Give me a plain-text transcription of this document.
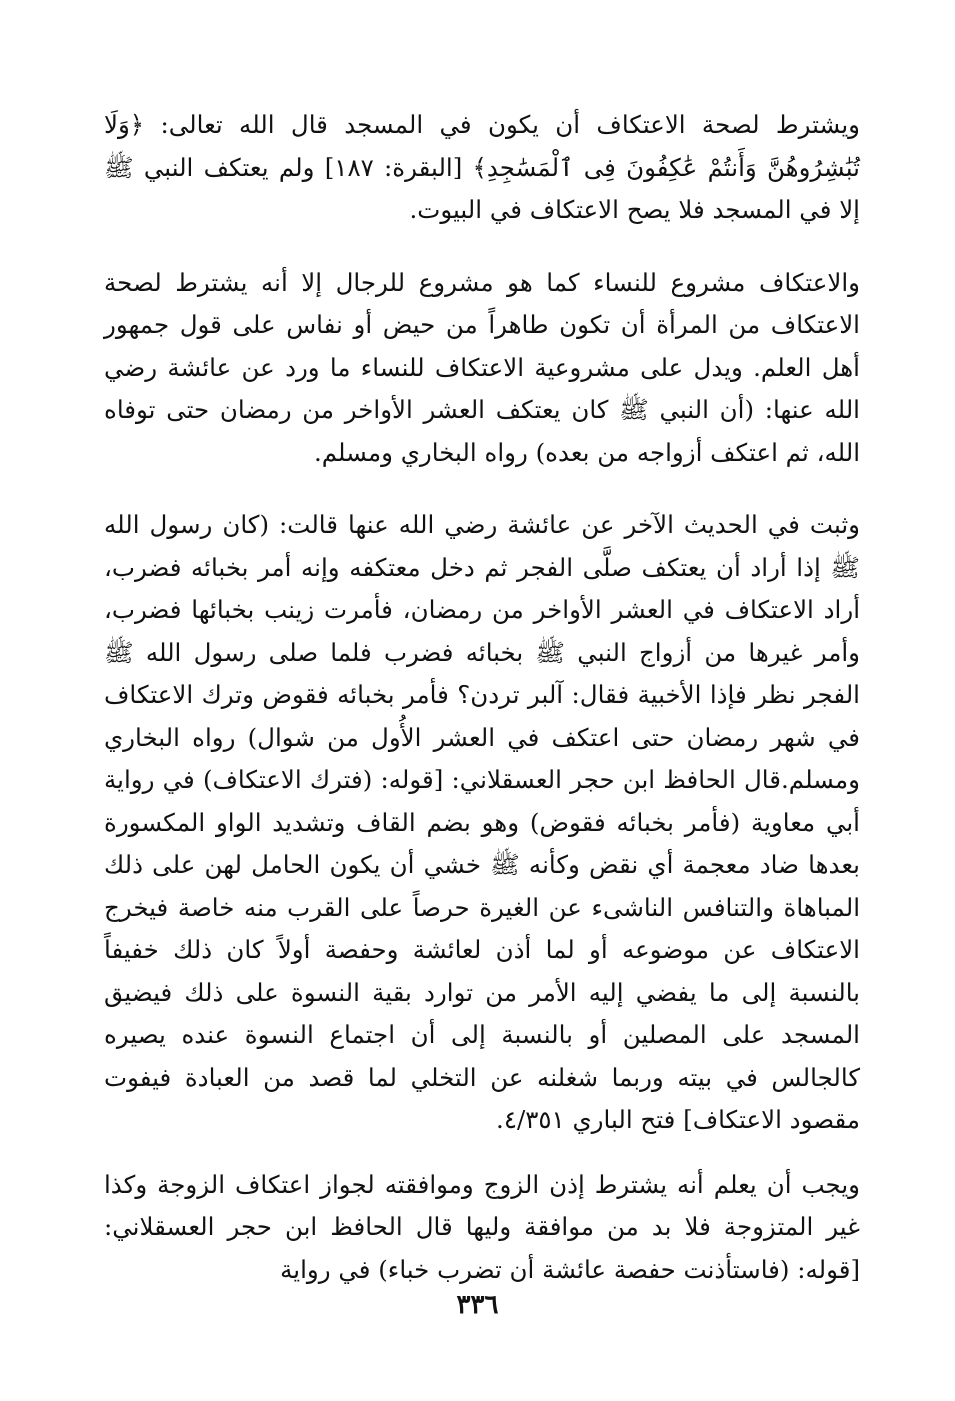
ويشترط لصحة الاعتكاف أن يكون في المسجد قال الله تعالى: ﴿وَلَا تُبَٰشِرُوهُنَّ وَأَنتُمْ عَٰكِفُونَ فِى ٱلْمَسَٰجِدِ﴾ [البقرة: ١٨٧] ولم يعتكف النبي ﷺ إلا في المسجد فلا يصح الاعتكاف في البيوت.

والاعتكاف مشروع للنساء كما هو مشروع للرجال إلا أنه يشترط لصحة الاعتكاف من المرأة أن تكون طاهراً من حيض أو نفاس على قول جمهور أهل العلم. ويدل على مشروعية الاعتكاف للنساء ما ورد عن عائشة رضي الله عنها: (أن النبي ﷺ كان يعتكف العشر الأواخر من رمضان حتى توفاه الله، ثم اعتكف أزواجه من بعده) رواه البخاري ومسلم.

وثبت في الحديث الآخر عن عائشة رضي الله عنها قالت: (كان رسول الله ﷺ إذا أراد أن يعتكف صلَّى الفجر ثم دخل معتكفه وإنه أمر بخبائه فضرب، أراد الاعتكاف في العشر الأواخر من رمضان، فأمرت زينب بخبائها فضرب، وأمر غيرها من أزواج النبي ﷺ بخبائه فضرب فلما صلى رسول الله ﷺ الفجر نظر فإذا الأخبية فقال: آلبر تردن؟ فأمر بخبائه فقوض وترك الاعتكاف في شهر رمضان حتى اعتكف في العشر الأُول من شوال) رواه البخاري ومسلم.قال الحافظ ابن حجر العسقلاني: [قوله: (فترك الاعتكاف) في رواية أبي معاوية (فأمر بخبائه فقوض) وهو بضم القاف وتشديد الواو المكسورة بعدها ضاد معجمة أي نقض وكأنه ﷺ خشي أن يكون الحامل لهن على ذلك المباهاة والتنافس الناشىء عن الغيرة حرصاً على القرب منه خاصة فيخرج الاعتكاف عن موضوعه أو لما أذن لعائشة وحفصة أولاً كان ذلك خفيفاً بالنسبة إلى ما يفضي إليه الأمر من توارد بقية النسوة على ذلك فيضيق المسجد على المصلين أو بالنسبة إلى أن اجتماع النسوة عنده يصيره كالجالس في بيته وربما شغلنه عن التخلي لما قصد من العبادة فيفوت مقصود الاعتكاف] فتح الباري ٤/٣٥١.

ويجب أن يعلم أنه يشترط إذن الزوج وموافقته لجواز اعتكاف الزوجة وكذا غير المتزوجة فلا بد من موافقة وليها قال الحافظ ابن حجر العسقلاني: [قوله: (فاستأذنت حفصة عائشة أن تضرب خباء) في رواية

٣٣٦
